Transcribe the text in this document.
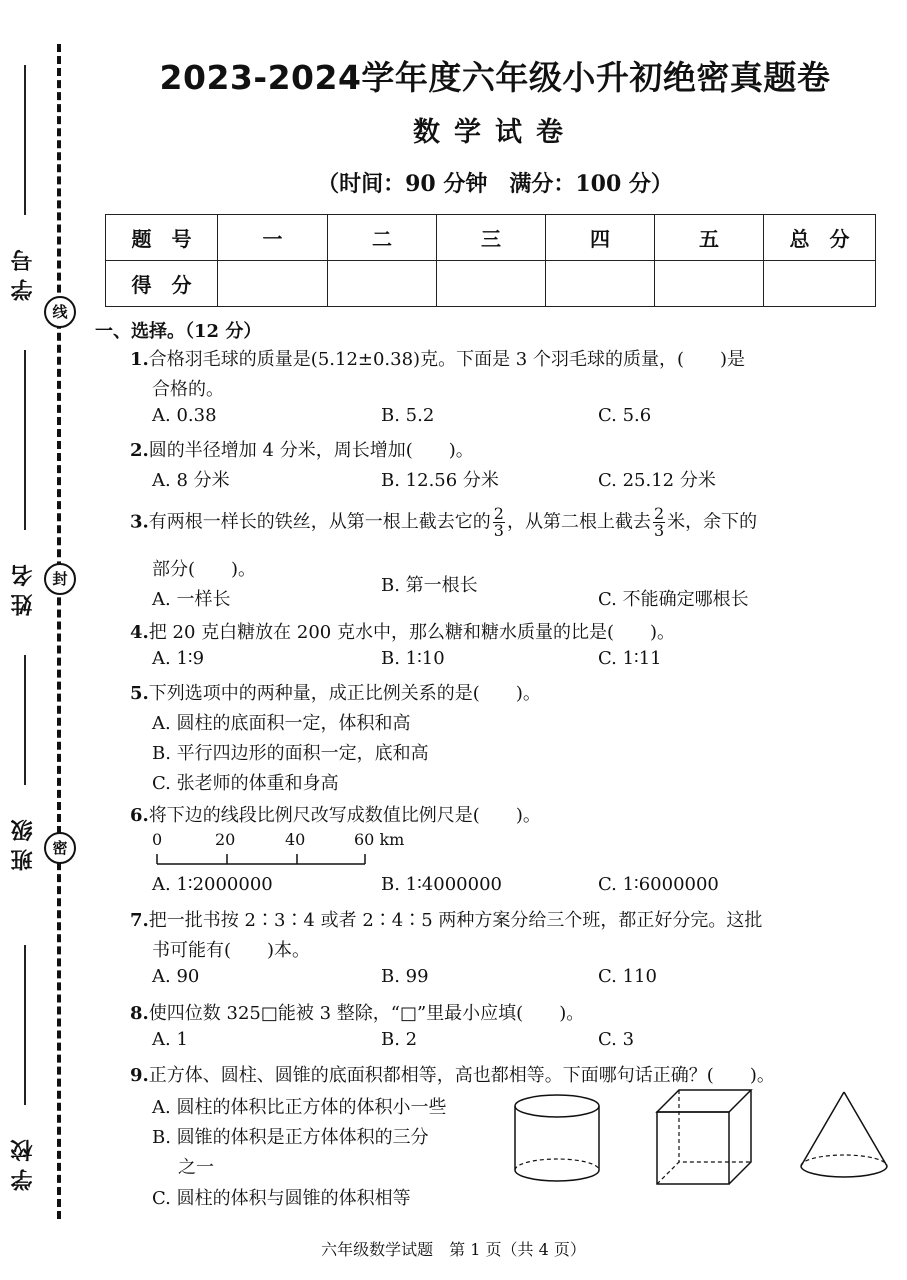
学 号
姓 名
班 级
学 校
线
封
密
2023-2024学年度六年级小升初绝密真题卷
数学试卷
（时间：90 分钟　满分：100 分）
题　号	一	二	三	四	五	总　分
得　分						
一、选择。（12 分）
1.合格羽毛球的质量是(5.12±0.38)克。下面是 3 个羽毛球的质量，(　　)是
合格的。
A. 0.38	B. 5.2	C. 5.6
2.圆的半径增加 4 分米，周长增加(　　)。
A. 8 分米	B. 12.56 分米	C. 25.12 分米
3.有两根一样长的铁丝，从第一根上截去它的 $\frac{2}{3}$ ，从第二根上截去 $\frac{2}{3}$ 米，余下的
部分(　　)。
A. 一样长
B. 第一根长
C. 不能确定哪根长
4.把 20 克白糖放在 200 克水中，那么糖和糖水质量的比是(　　)。
A. 1∶9	B. 1∶10	C. 1∶11
5.下列选项中的两种量，成正比例关系的是(　　)。
A. 圆柱的底面积一定，体积和高
B. 平行四边形的面积一定，底和高
C. 张老师的体重和身高
6.将下边的线段比例尺改写成数值比例尺是(　　)。
0	20	40	60 km
A. 1∶2000000	B. 1∶4000000	C. 1∶6000000
7.把一批书按 2∶3∶4 或者 2∶4∶5 两种方案分给三个班，都正好分完。这批
书可能有(　　)本。
A. 90	B. 99	C. 110
8.使四位数 325□能被 3 整除，“□”里最小应填(　　)。
A. 1	B. 2	C. 3
9.正方体、圆柱、圆锥的底面积都相等，高也都相等。下面哪句话正确？(　　)。
A. 圆柱的体积比正方体的体积小一些
B. 圆锥的体积是正方体体积的三分
之一
C. 圆柱的体积与圆锥的体积相等
六年级数学试题　第 1 页（共 4 页）
